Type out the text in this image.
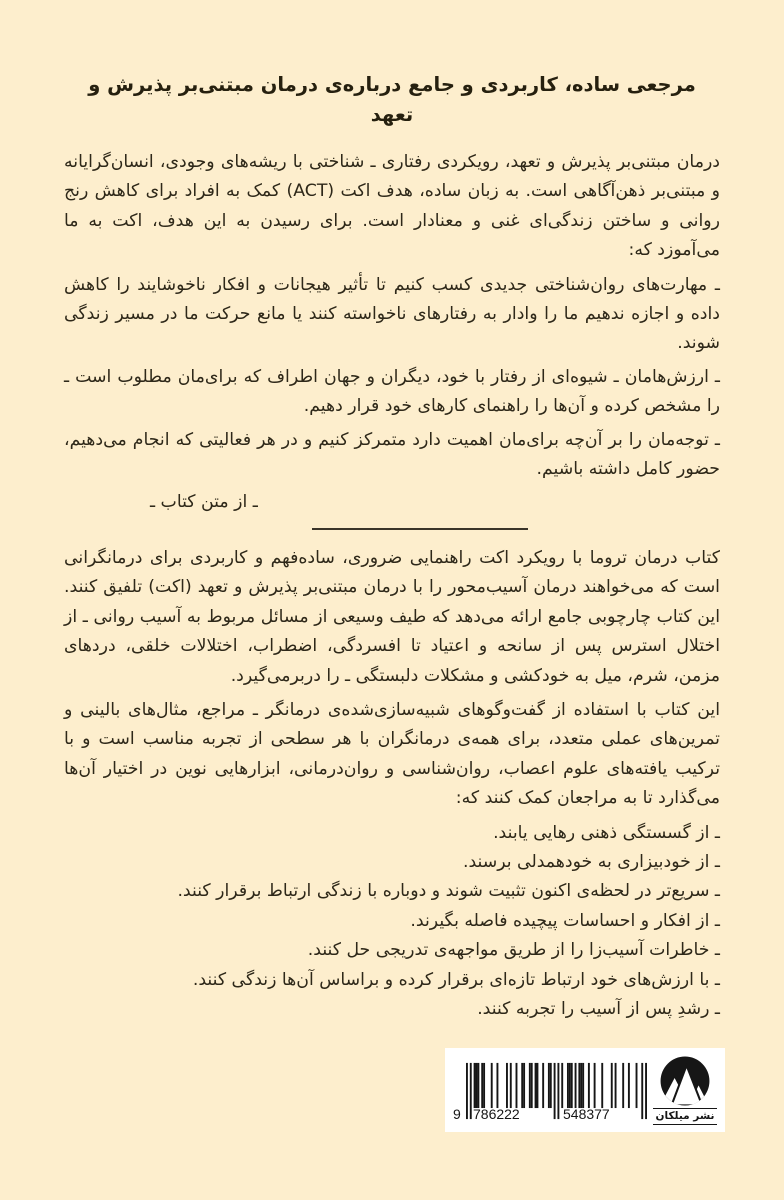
مرجعی ساده، کاربردی و جامع درباره‌ی درمان مبتنی‌بر پذیرش و تعهد

درمان مبتنی‌بر پذیرش و تعهد، رویکردی رفتاری ـ شناختی با ریشه‌های وجودی، انسان‌گرایانه و مبتنی‌بر ذهن‌آگاهی است. به زبان ساده، هدف اکت (ACT) کمک به افراد برای کاهش رنج روانی و ساختن زندگی‌ای غنی و معنادار است. برای رسیدن به این هدف، اکت به ما می‌آموزد که:

ـ مهارت‌های روان‌شناختی جدیدی کسب کنیم تا تأثیر هیجانات و افکار ناخوشایند را کاهش داده و اجازه ندهیم ما را وادار به رفتارهای ناخواسته کنند یا مانع حرکت ما در مسیر زندگی شوند.

ـ ارزش‌هامان ـ شیوه‌ای از رفتار با خود، دیگران و جهان اطراف که برای‌مان مطلوب است ـ را مشخص کرده و آن‌ها را راهنمای کارهای خود قرار دهیم.

ـ توجه‌مان را بر آن‌چه برای‌مان اهمیت دارد متمرکز کنیم و در هر فعالیتی که انجام می‌دهیم، حضور کامل داشته باشیم.

ـ از متن کتاب ـ

کتاب درمان تروما با رویکرد اکت راهنمایی ضروری، ساده‌فهم و کاربردی برای درمانگرانی است که می‌خواهند درمان آسیب‌محور را با درمان مبتنی‌بر پذیرش و تعهد (اکت) تلفیق کنند. این کتاب چارچوبی جامع ارائه می‌دهد که طیف وسیعی از مسائل مربوط به آسیب روانی ـ از اختلال استرس پس از سانحه و اعتیاد تا افسردگی، اضطراب، اختلالات خلقی، دردهای مزمن، شرم، میل به خودکشی و مشکلات دلبستگی ـ را دربرمی‌گیرد.

این کتاب با استفاده از گفت‌وگوهای شبیه‌سازی‌شده‌ی درمانگر ـ مراجع، مثال‌های بالینی و تمرین‌های عملی متعدد، برای همه‌ی درمانگران با هر سطحی از تجربه مناسب است و با ترکیب یافته‌های علوم اعصاب، روان‌شناسی و روان‌درمانی، ابزارهایی نوین در اختیار آن‌ها می‌گذارد تا به مراجعان کمک کنند که:

ـ از گسستگی ذهنی رهایی یابند.

ـ از خودبیزاری به خودهمدلی برسند.

ـ سریع‌تر در لحظه‌ی اکنون تثبیت شوند و دوباره با زندگی ارتباط برقرار کنند.

ـ از افکار و احساسات پیچیده فاصله بگیرند.

ـ خاطرات آسیب‌زا را از طریق مواجهه‌ی تدریجی حل کنند.

ـ با ارزش‌های خود ارتباط تازه‌ای برقرار کرده و براساس آن‌ها زندگی کنند.

ـ رشدِ پس از آسیب را تجربه کنند.

9 786222	548377	نشر میلکان
